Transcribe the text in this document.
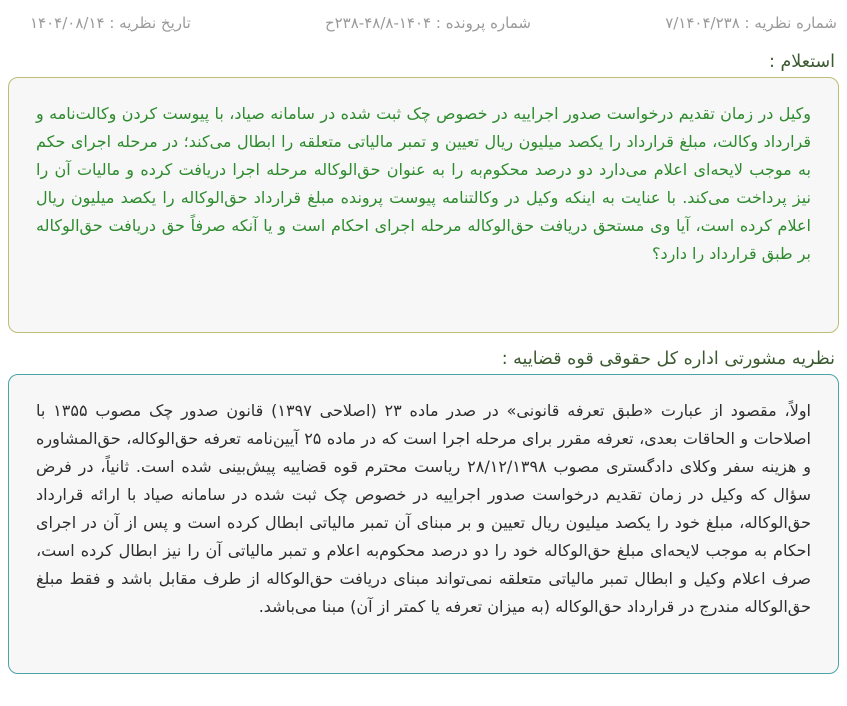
شماره نظریه : ۷/۱۴۰۴/۲۳۸
شماره پرونده : ۱۴۰۴-۴۸/۸-۲۳۸ح
تاریخ نظریه : ۱۴۰۴/۰۸/۱۴
استعلام :

وکیل در زمان تقدیم درخواست صدور اجراییه در خصوص چک ثبت شده در سامانه صیاد، با پیوست کردن وکالت‌نامه و قرارداد وکالت، مبلغ قرارداد را یکصد میلیون ریال تعیین و تمبر مالیاتی متعلقه را ابطال می‌کند؛ در مرحله اجرای حکم به موجب لایحه‌ای اعلام می‌دارد دو درصد محکوم‌به را به عنوان حق‌الوکاله مرحله اجرا دریافت کرده و مالیات آن را نیز پرداخت می‌کند. با عنایت به اینکه وکیل در وکالتنامه پیوست پرونده مبلغ قرارداد حق‌الوکاله را یکصد میلیون ریال اعلام کرده است، آیا وی مستحق دریافت حق‌الوکاله مرحله اجرای احکام است و یا آنکه صرفاً حق دریافت حق‌الوکاله بر طبق قرارداد را دارد؟

نظریه مشورتی اداره کل حقوقی قوه قضاییه :

اولاً، مقصود از عبارت «طبق تعرفه قانونی» در صدر ماده ۲۳ (اصلاحی ۱۳۹۷) قانون صدور چک مصوب ۱۳۵۵ با اصلاحات و الحاقات بعدی، تعرفه مقرر برای مرحله اجرا است که در ماده ۲۵ آیین‌نامه تعرفه حق‌الوکاله، حق‌المشاوره و هزینه سفر وکلای دادگستری مصوب ۲۸/۱۲/۱۳۹۸ ریاست محترم قوه قضاییه پیش‌بینی شده است. ثانیاً، در فرض سؤال که وکیل در زمان تقدیم درخواست صدور اجراییه در خصوص چک ثبت شده در سامانه صیاد با ارائه قرارداد حق‌الوکاله، مبلغ خود را یکصد میلیون ریال تعیین و بر مبنای آن تمبر مالیاتی ابطال کرده است و پس از آن در اجرای احکام به موجب لایحه‌ای مبلغ حق‌الوکاله خود را دو درصد محکوم‌به اعلام و تمبر مالیاتی آن را نیز ابطال کرده است، صرف اعلام وکیل و ابطال تمبر مالیاتی متعلقه نمی‌تواند مبنای دریافت حق‌الوکاله از طرف مقابل باشد و فقط مبلغ حق‌الوکاله مندرج در قرارداد حق‌الوکاله (به میزان تعرفه یا کمتر از آن) مبنا می‌باشد.
